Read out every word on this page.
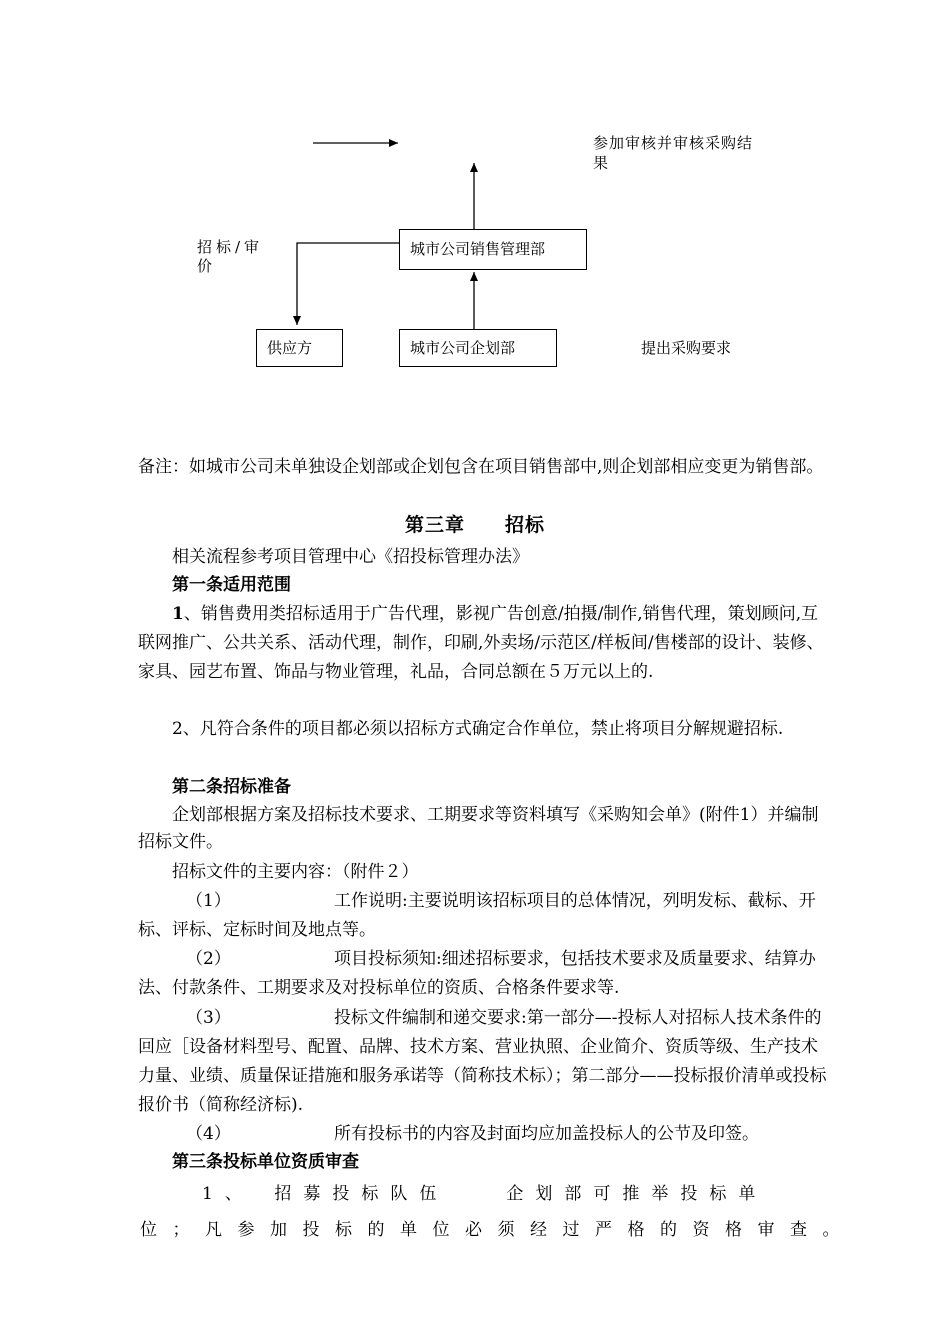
参加审核并审核采购结果
招标/审价
城市公司销售管理部
供应方	城市公司企划部	提出采购要求
备注：如城市公司未单独设企划部或企划包含在项目销售部中,则企划部相应变更为销售部。
第三章　　招标
相关流程参考项目管理中心《招投标管理办法》
第一条适用范围
1、销售费用类招标适用于广告代理，影视广告创意/拍摄/制作,销售代理，策划顾问,互联网推广、公共关系、活动代理，制作，印刷,外卖场/示范区/样板间/售楼部的设计、装修、家具、园艺布置、饰品与物业管理，礼品，合同总额在５万元以上的.
2、凡符合条件的项目都必须以招标方式确定合作单位，禁止将项目分解规避招标.
第二条招标准备
企划部根据方案及招标技术要求、工期要求等资料填写《采购知会单》(附件1）并编制招标文件。
招标文件的主要内容：（附件２）
（1）	工作说明:主要说明该招标项目的总体情况，列明发标、截标、开标、评标、定标时间及地点等。
（2）	项目投标须知:细述招标要求，包括技术要求及质量要求、结算办法、付款条件、工期要求及对投标单位的资质、合格条件要求等.
（3）	投标文件编制和递交要求:第一部分—-投标人对招标人技术条件的回应［设备材料型号、配置、品牌、技术方案、营业执照、企业简介、资质等级、生产技术力量、业绩、质量保证措施和服务承诺等（简称技术标）；第二部分——投标报价清单或投标报价书（简称经济标).
（4）	所有投标书的内容及封面均应加盖投标人的公节及印签。
第三条投标单位资质审查
1、　招募投标队伍　　企划部可推举投标单
位；凡参加投标的单位必须经过严格的资格审查。
